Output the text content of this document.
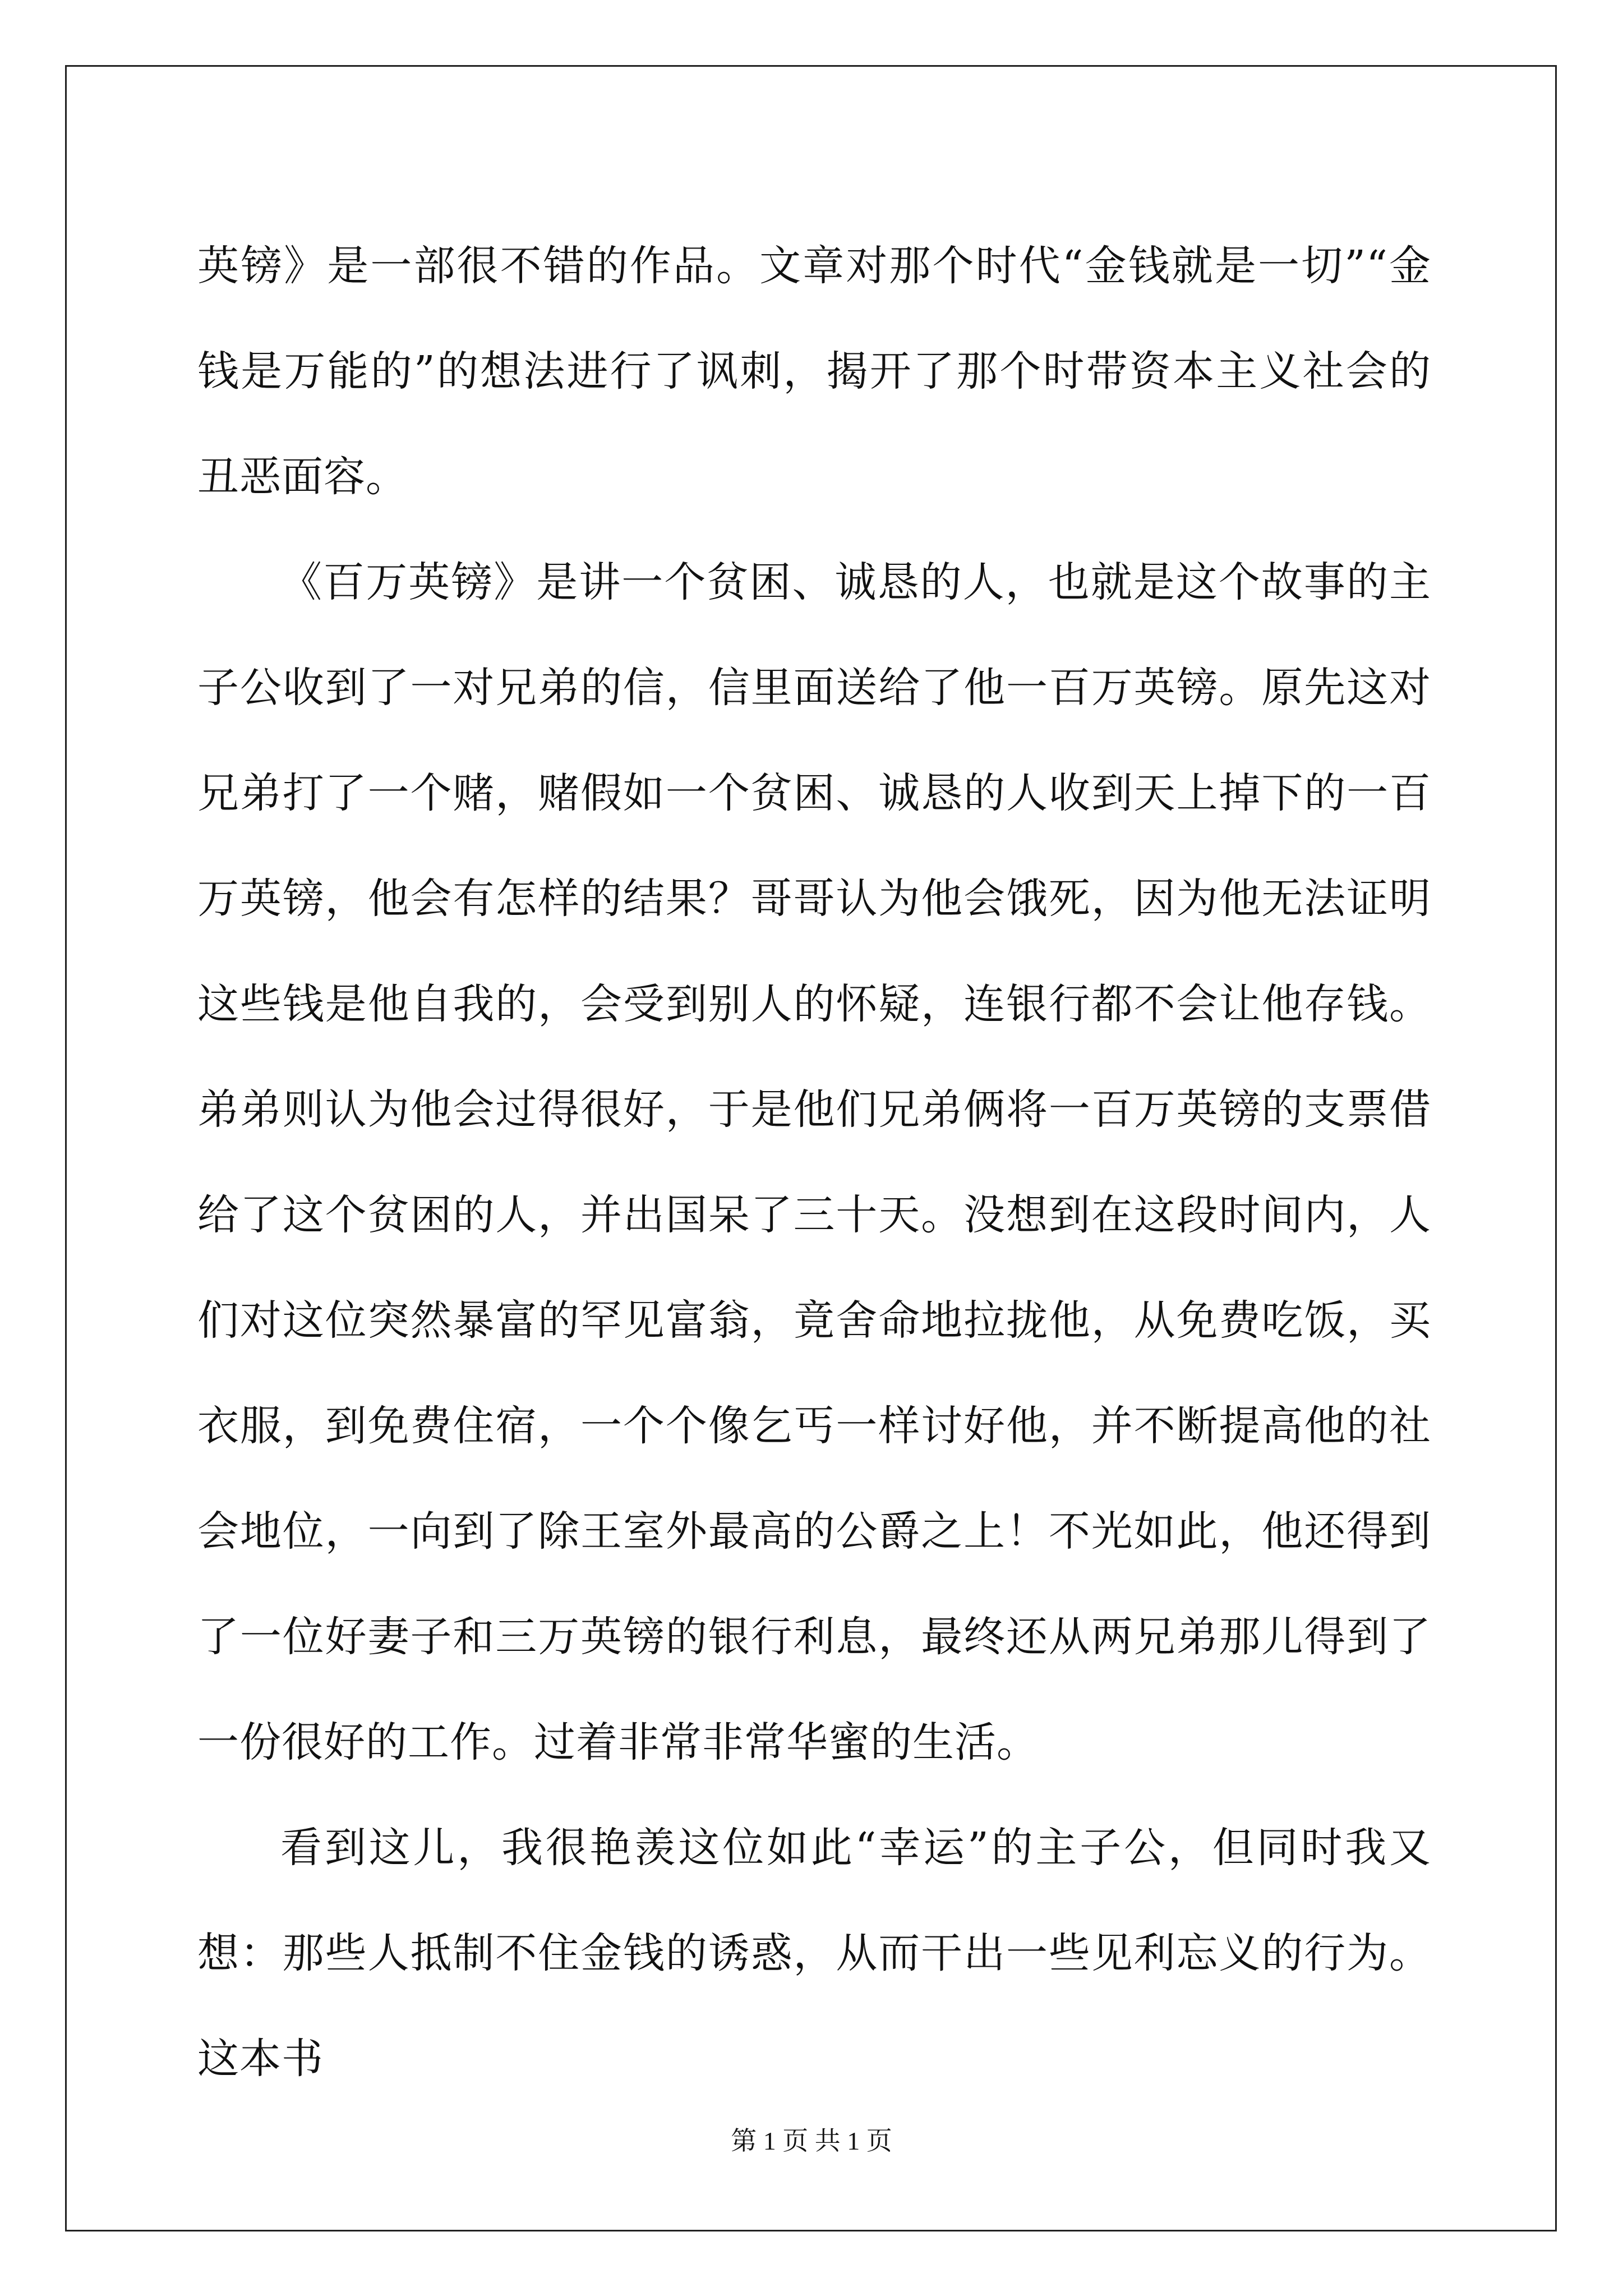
英镑》是一部很不错的作品。文章对那个时代“金钱就是一切”“金钱是万能的”的想法进行了讽刺，揭开了那个时带资本主义社会的丑恶面容。

《百万英镑》是讲一个贫困、诚恳的人，也就是这个故事的主子公收到了一对兄弟的信，信里面送给了他一百万英镑。原先这对兄弟打了一个赌，赌假如一个贫困、诚恳的人收到天上掉下的一百万英镑，他会有怎样的结果？哥哥认为他会饿死，因为他无法证明这些钱是他自我的，会受到别人的怀疑，连银行都不会让他存钱。弟弟则认为他会过得很好，于是他们兄弟俩将一百万英镑的支票借给了这个贫困的人，并出国呆了三十天。没想到在这段时间内，人们对这位突然暴富的罕见富翁，竟舍命地拉拢他，从免费吃饭，买衣服，到免费住宿，一个个像乞丐一样讨好他，并不断提高他的社会地位，一向到了除王室外最高的公爵之上！不光如此，他还得到了一位好妻子和三万英镑的银行利息，最终还从两兄弟那儿得到了一份很好的工作。过着非常非常华蜜的生活。

看到这儿，我很艳羡这位如此“幸运”的主子公，但同时我又想：那些人抵制不住金钱的诱惑，从而干出一些见利忘义的行为。这本书

第 1 页 共 1 页
